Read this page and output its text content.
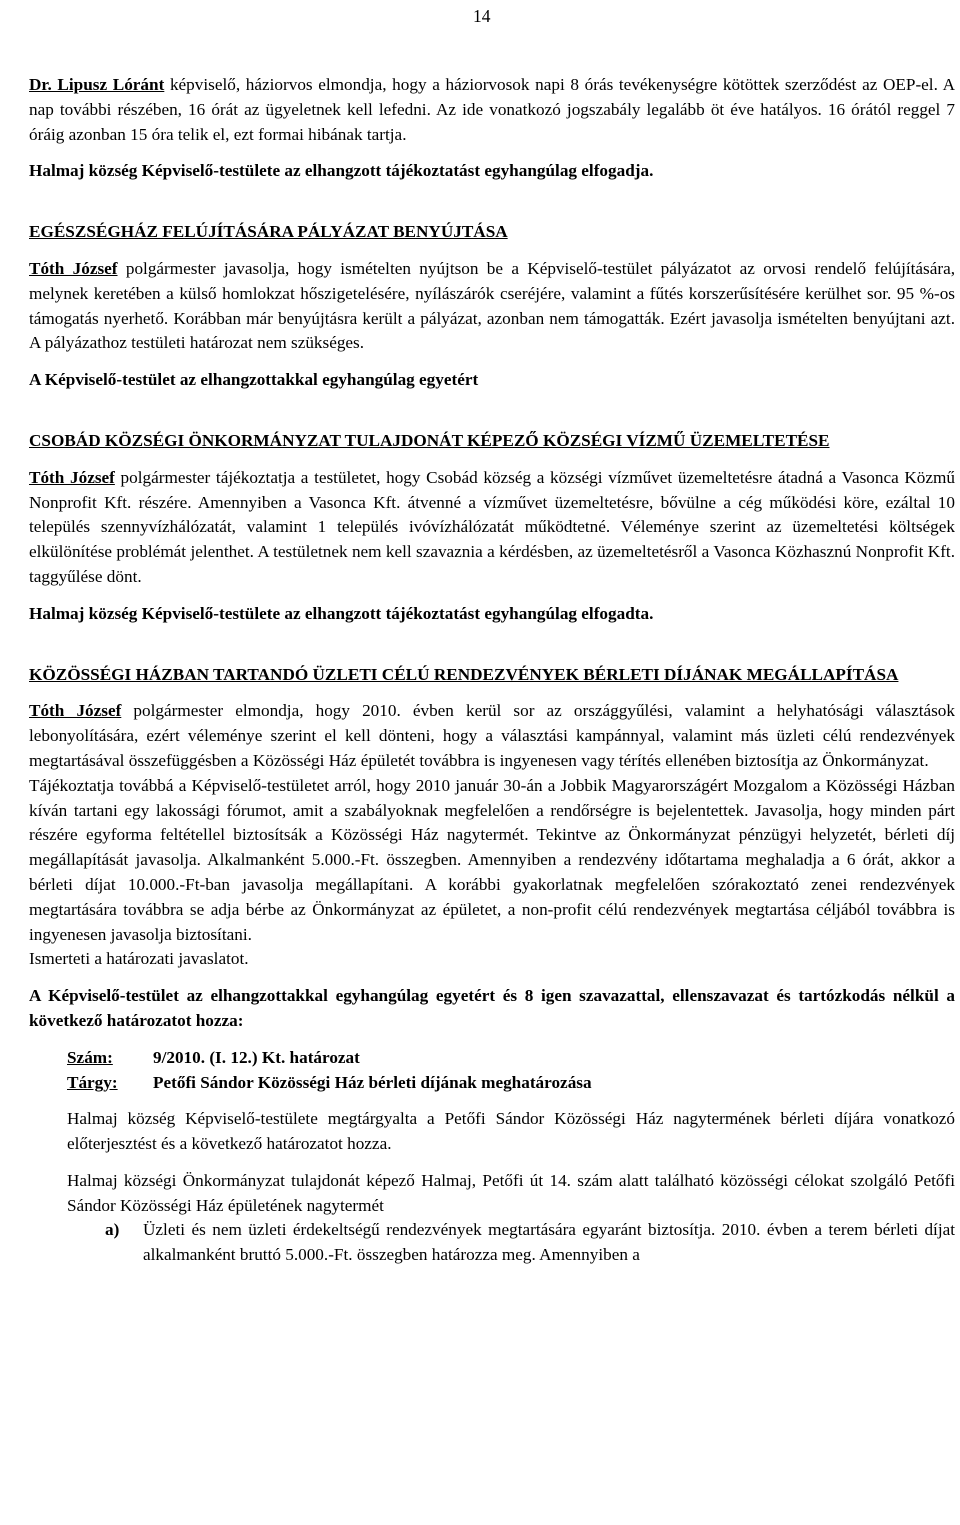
14

Dr. Lipusz Lóránt képviselő, háziorvos elmondja, hogy a háziorvosok napi 8 órás tevékenységre kötöttek szerződést az OEP-el. A nap további részében, 16 órát az ügyeletnek kell lefedni. Az ide vonatkozó jogszabály legalább öt éve hatályos. 16 órától reggel 7 óráig azonban 15 óra telik el, ezt formai hibának tartja.

Halmaj község Képviselő-testülete az elhangzott tájékoztatást egyhangúlag elfogadja.

EGÉSZSÉGHÁZ FELÚJÍTÁSÁRA PÁLYÁZAT BENYÚJTÁSA

Tóth József polgármester javasolja, hogy ismételten nyújtson be a Képviselő-testület pályázatot az orvosi rendelő felújítására, melynek keretében a külső homlokzat hőszigetelésére, nyílászárók cseréjére, valamint a fűtés korszerűsítésére kerülhet sor. 95 %-os támogatás nyerhető. Korábban már benyújtásra került a pályázat, azonban nem támogatták. Ezért javasolja ismételten benyújtani azt. A pályázathoz testületi határozat nem szükséges.

A Képviselő-testület az elhangzottakkal egyhangúlag egyetért

CSOBÁD KÖZSÉGI ÖNKORMÁNYZAT TULAJDONÁT KÉPEZŐ KÖZSÉGI VÍZMŰ ÜZEMELTETÉSE

Tóth József polgármester tájékoztatja a testületet, hogy Csobád község a községi vízművet üzemeltetésre átadná a Vasonca Közmű Nonprofit Kft. részére. Amennyiben a Vasonca Kft. átvenné a vízművet üzemeltetésre, bővülne a cég működési köre, ezáltal 10 település szennyvízhálózatát, valamint 1 település ivóvízhálózatát működtetné. Véleménye szerint az üzemeltetési költségek elkülönítése problémát jelenthet. A testületnek nem kell szavaznia a kérdésben, az üzemeltetésről a Vasonca Közhasznú Nonprofit Kft. taggyűlése dönt.

Halmaj község Képviselő-testülete az elhangzott tájékoztatást egyhangúlag elfogadta.

KÖZÖSSÉGI HÁZBAN TARTANDÓ ÜZLETI CÉLÚ RENDEZVÉNYEK BÉRLETI DÍJÁNAK MEGÁLLAPÍTÁSA

Tóth József polgármester elmondja, hogy 2010. évben kerül sor az országgyűlési, valamint a helyhatósági választások lebonyolítására, ezért véleménye szerint el kell dönteni, hogy a választási kampánnyal, valamint más üzleti célú rendezvények megtartásával összefüggésben a Közösségi Ház épületét továbbra is ingyenesen vagy térítés ellenében biztosítja az Önkormányzat.

Tájékoztatja továbbá a Képviselő-testületet arról, hogy 2010 január 30-án a Jobbik Magyarországért Mozgalom a Közösségi Házban kíván tartani egy lakossági fórumot, amit a szabályoknak megfelelően a rendőrségre is bejelentettek. Javasolja, hogy minden párt részére egyforma feltétellel biztosítsák a Közösségi Ház nagytermét. Tekintve az Önkormányzat pénzügyi helyzetét, bérleti díj megállapítását javasolja. Alkalmanként 5.000.-Ft. összegben. Amennyiben a rendezvény időtartama meghaladja a 6 órát, akkor a bérleti díjat 10.000.-Ft-ban javasolja megállapítani. A korábbi gyakorlatnak megfelelően szórakoztató zenei rendezvények megtartására továbbra se adja bérbe az Önkormányzat az épületet, a non-profit célú rendezvények megtartása céljából továbbra is ingyenesen javasolja biztosítani.

Ismerteti a határozati javaslatot.

A Képviselő-testület az elhangzottakkal egyhangúlag egyetért és 8 igen szavazattal, ellenszavazat és tartózkodás nélkül a következő határozatot hozza:

Szám:	9/2010. (I. 12.) Kt. határozat
Tárgy:	Petőfi Sándor Közösségi Ház bérleti díjának meghatározása

Halmaj község Képviselő-testülete megtárgyalta a Petőfi Sándor Közösségi Ház nagytermének bérleti díjára vonatkozó előterjesztést és a következő határozatot hozza.

Halmaj községi Önkormányzat tulajdonát képező Halmaj, Petőfi út 14. szám alatt található közösségi célokat szolgáló Petőfi Sándor Közösségi Ház épületének nagytermét

a)	Üzleti és nem üzleti érdekeltségű rendezvények megtartására egyaránt biztosítja. 2010. évben a terem bérleti díjat alkalmanként bruttó 5.000.-Ft. összegben határozza meg. Amennyiben a
